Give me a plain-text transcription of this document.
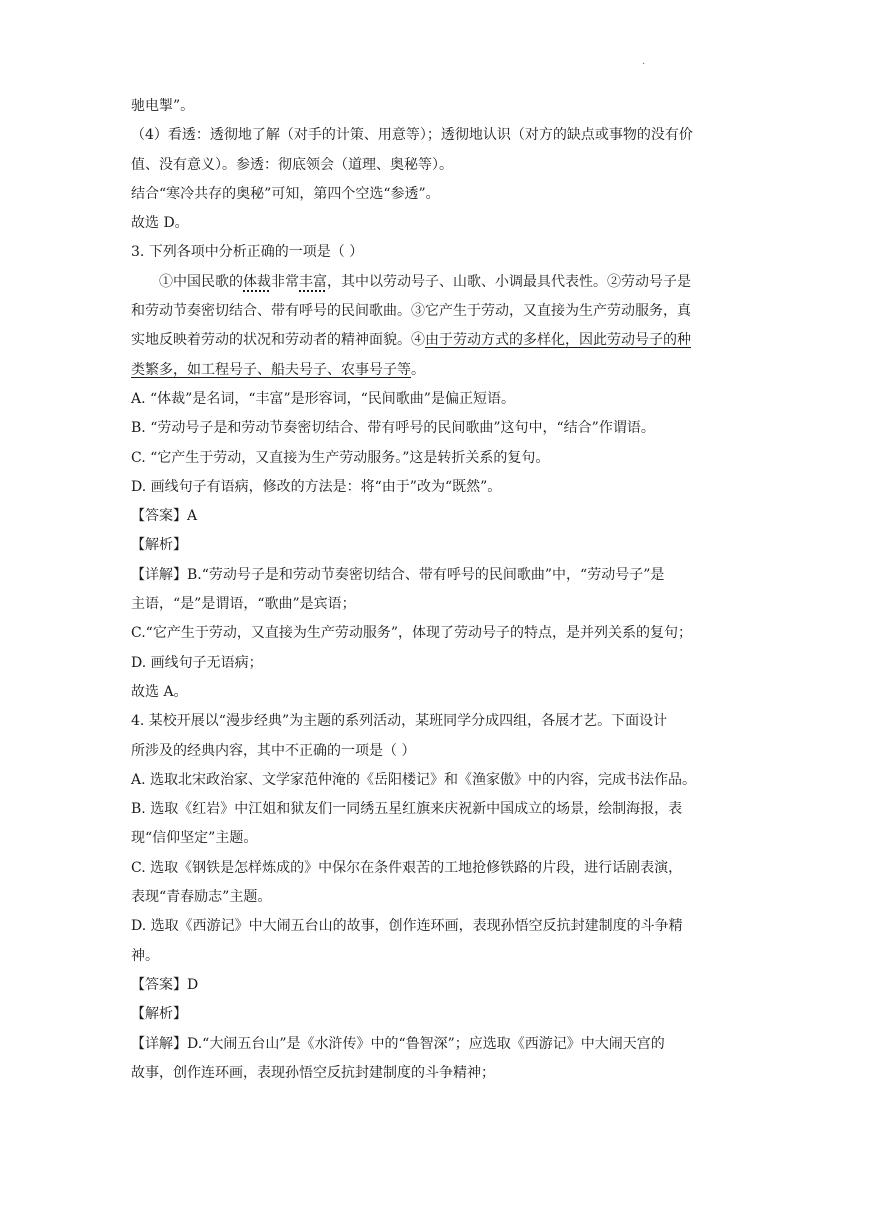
.
驰电掣”。
（4）看透：透彻地了解（对手的计策、用意等）；透彻地认识（对方的缺点或事物的没有价
值、没有意义）。参透：彻底领会（道理、奥秘等）。
结合“寒冷共存的奥秘”可知，第四个空选“参透”。
故选 D。
3. 下列各项中分析正确的一项是（ ）
①中国民歌的体裁非常丰富，其中以劳动号子、山歌、小调最具代表性。②劳动号子是
和劳动节奏密切结合、带有呼号的民间歌曲。③它产生于劳动，又直接为生产劳动服务，真
实地反映着劳动的状况和劳动者的精神面貌。④由于劳动方式的多样化，因此劳动号子的种
类繁多，如工程号子、船夫号子、农事号子等。
A. “体裁”是名词，“丰富”是形容词，“民间歌曲”是偏正短语。
B. “劳动号子是和劳动节奏密切结合、带有呼号的民间歌曲”这句中，“结合”作谓语。
C. “它产生于劳动，又直接为生产劳动服务。”这是转折关系的复句。
D. 画线句子有语病，修改的方法是：将“由于”改为“既然”。
【答案】A
【解析】
【详解】B.“劳动号子是和劳动节奏密切结合、带有呼号的民间歌曲”中，“劳动号子”是
主语，“是”是谓语，“歌曲”是宾语；
C.“它产生于劳动，又直接为生产劳动服务”，体现了劳动号子的特点，是并列关系的复句；
D. 画线句子无语病；
故选 A。
4. 某校开展以“漫步经典”为主题的系列活动，某班同学分成四组，各展才艺。下面设计
所涉及的经典内容，其中不正确的一项是（ ）
A. 选取北宋政治家、文学家范仲淹的《岳阳楼记》和《渔家傲》中的内容，完成书法作品。
B. 选取《红岩》中江姐和狱友们一同绣五星红旗来庆祝新中国成立的场景，绘制海报，表
现“信仰坚定”主题。
C. 选取《钢铁是怎样炼成的》中保尔在条件艰苦的工地抢修铁路的片段，进行话剧表演，
表现“青春励志”主题。
D. 选取《西游记》中大闹五台山的故事，创作连环画，表现孙悟空反抗封建制度的斗争精
神。
【答案】D
【解析】
【详解】D.“大闹五台山”是《水浒传》中的“鲁智深”；应选取《西游记》中大闹天宫的
故事，创作连环画，表现孙悟空反抗封建制度的斗争精神；
